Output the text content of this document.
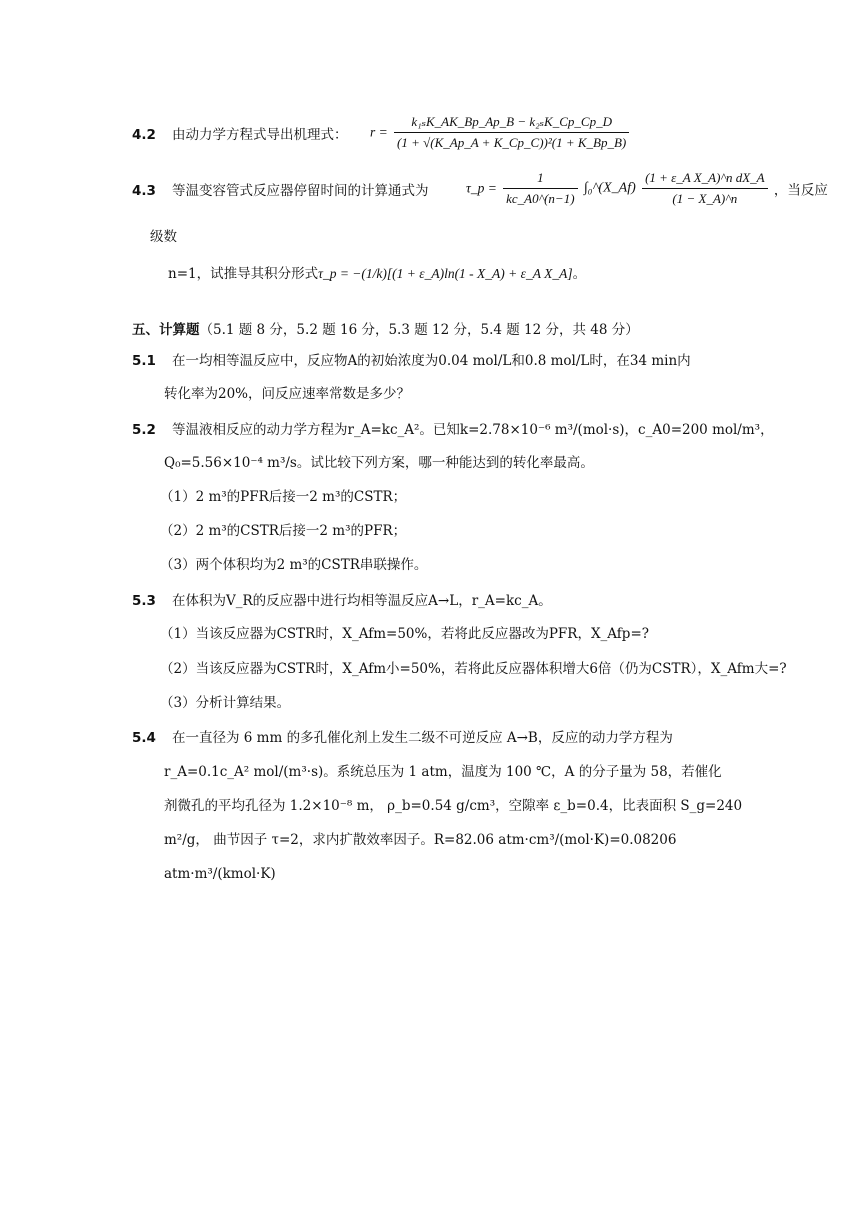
4.2 由动力学方程式导出机理式： $r = \frac{\text{k₁ₛK\_AK\_Bp\_Ap\_B − k₂ₛK\_Cp\_Cp\_D}}{\text{(1 + √(K\_Ap\_A + K\_Cp\_C))²(1 + K\_Bp\_B)}}$
4.3 等温变容管式反应器停留时间的计算通式为	τ_p = $\frac{1}{kc\_A0\^{}(n-1)}$ ∫₀^(X_Af) $\frac{\text{(1 + ε\_A X\_A)\textasciicircum{}n dX\_A}}{(1 - X\_A)\^{}n}$ ，当反应
级数
n=1，试推导其积分形式τ_p = −(1/k)[(1 + ε_A)ln(1 - X_A) + ε_A X_A]。
五、计算题（5.1 题 8 分，5.2 题 16 分，5.3 题 12 分，5.4 题 12 分，共 48 分）
5.1 在一均相等温反应中，反应物A的初始浓度为0.04 mol/L和0.8 mol/L时，在34 min内
转化率为20%，问反应速率常数是多少？
5.2 等温液相反应的动力学方程为r_A=kc_A²。已知k=2.78×10⁻⁶ m³/(mol·s)，c_A0=200 mol/m³，
Q₀=5.56×10⁻⁴ m³/s。试比较下列方案，哪一种能达到的转化率最高。
（1）2 m³的PFR后接一2 m³的CSTR；
（2）2 m³的CSTR后接一2 m³的PFR；
（3）两个体积均为2 m³的CSTR串联操作。
5.3 在体积为V_R的反应器中进行均相等温反应A→L，r_A=kc_A。
（1）当该反应器为CSTR时，X_Afm=50%，若将此反应器改为PFR，X_Afp=?
（2）当该反应器为CSTR时，X_Afm小=50%，若将此反应器体积增大6倍（仍为CSTR），X_Afm大=?
（3）分析计算结果。
5.4 在一直径为 6 mm 的多孔催化剂上发生二级不可逆反应 A→B，反应的动力学方程为
r_A=0.1c_A² mol/(m³·s)。系统总压为 1 atm，温度为 100 ℃，A 的分子量为 58，若催化
剂微孔的平均孔径为 1.2×10⁻⁸ m， ρ_b=0.54 g/cm³，空隙率 ε_b=0.4，比表面积 S_g=240
m²/g， 曲节因子 τ=2，求内扩散效率因子。R=82.06 atm·cm³/(mol·K)=0.08206
atm·m³/(kmol·K)
